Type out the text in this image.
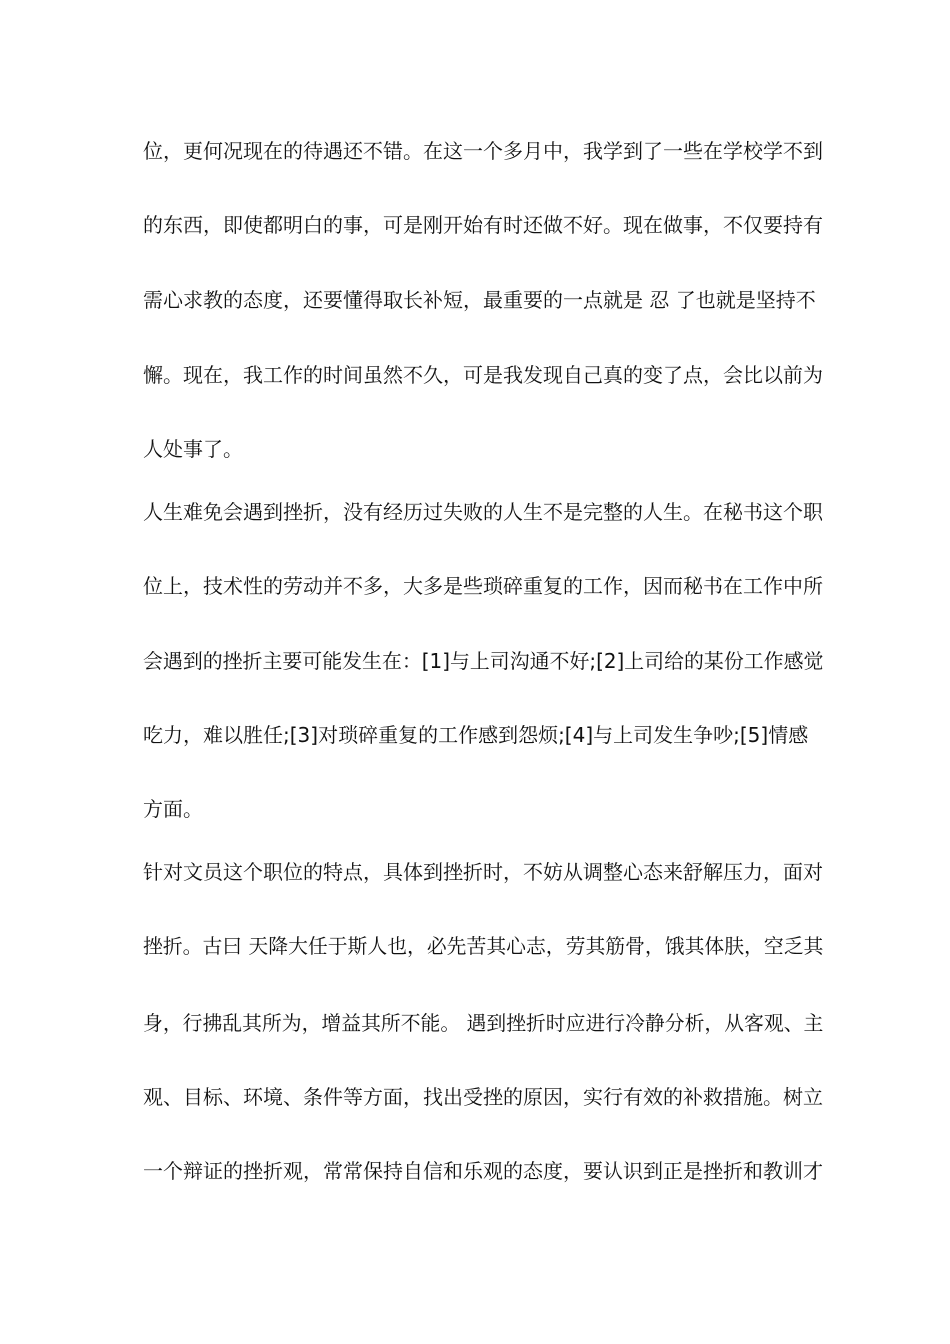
位，更何况现在的待遇还不错。在这一个多月中，我学到了一些在学校学不到
的东西，即使都明白的事，可是刚开始有时还做不好。现在做事，不仅要持有
需心求教的态度，还要懂得取长补短，最重要的一点就是 忍 了也就是坚持不
懈。现在，我工作的时间虽然不久，可是我发现自己真的变了点，会比以前为
人处事了。
人生难免会遇到挫折，没有经历过失败的人生不是完整的人生。在秘书这个职
位上，技术性的劳动并不多，大多是些琐碎重复的工作，因而秘书在工作中所
会遇到的挫折主要可能发生在：[1]与上司沟通不好;[2]上司给的某份工作感觉
吃力，难以胜任;[3]对琐碎重复的工作感到怨烦;[4]与上司发生争吵;[5]情感
方面。
针对文员这个职位的特点，具体到挫折时，不妨从调整心态来舒解压力，面对
挫折。古曰 天降大任于斯人也，必先苦其心志，劳其筋骨，饿其体肤，空乏其
身，行拂乱其所为，增益其所不能。 遇到挫折时应进行冷静分析，从客观、主
观、目标、环境、条件等方面，找出受挫的原因，实行有效的补救措施。树立
一个辩证的挫折观，常常保持自信和乐观的态度，要认识到正是挫折和教训才
